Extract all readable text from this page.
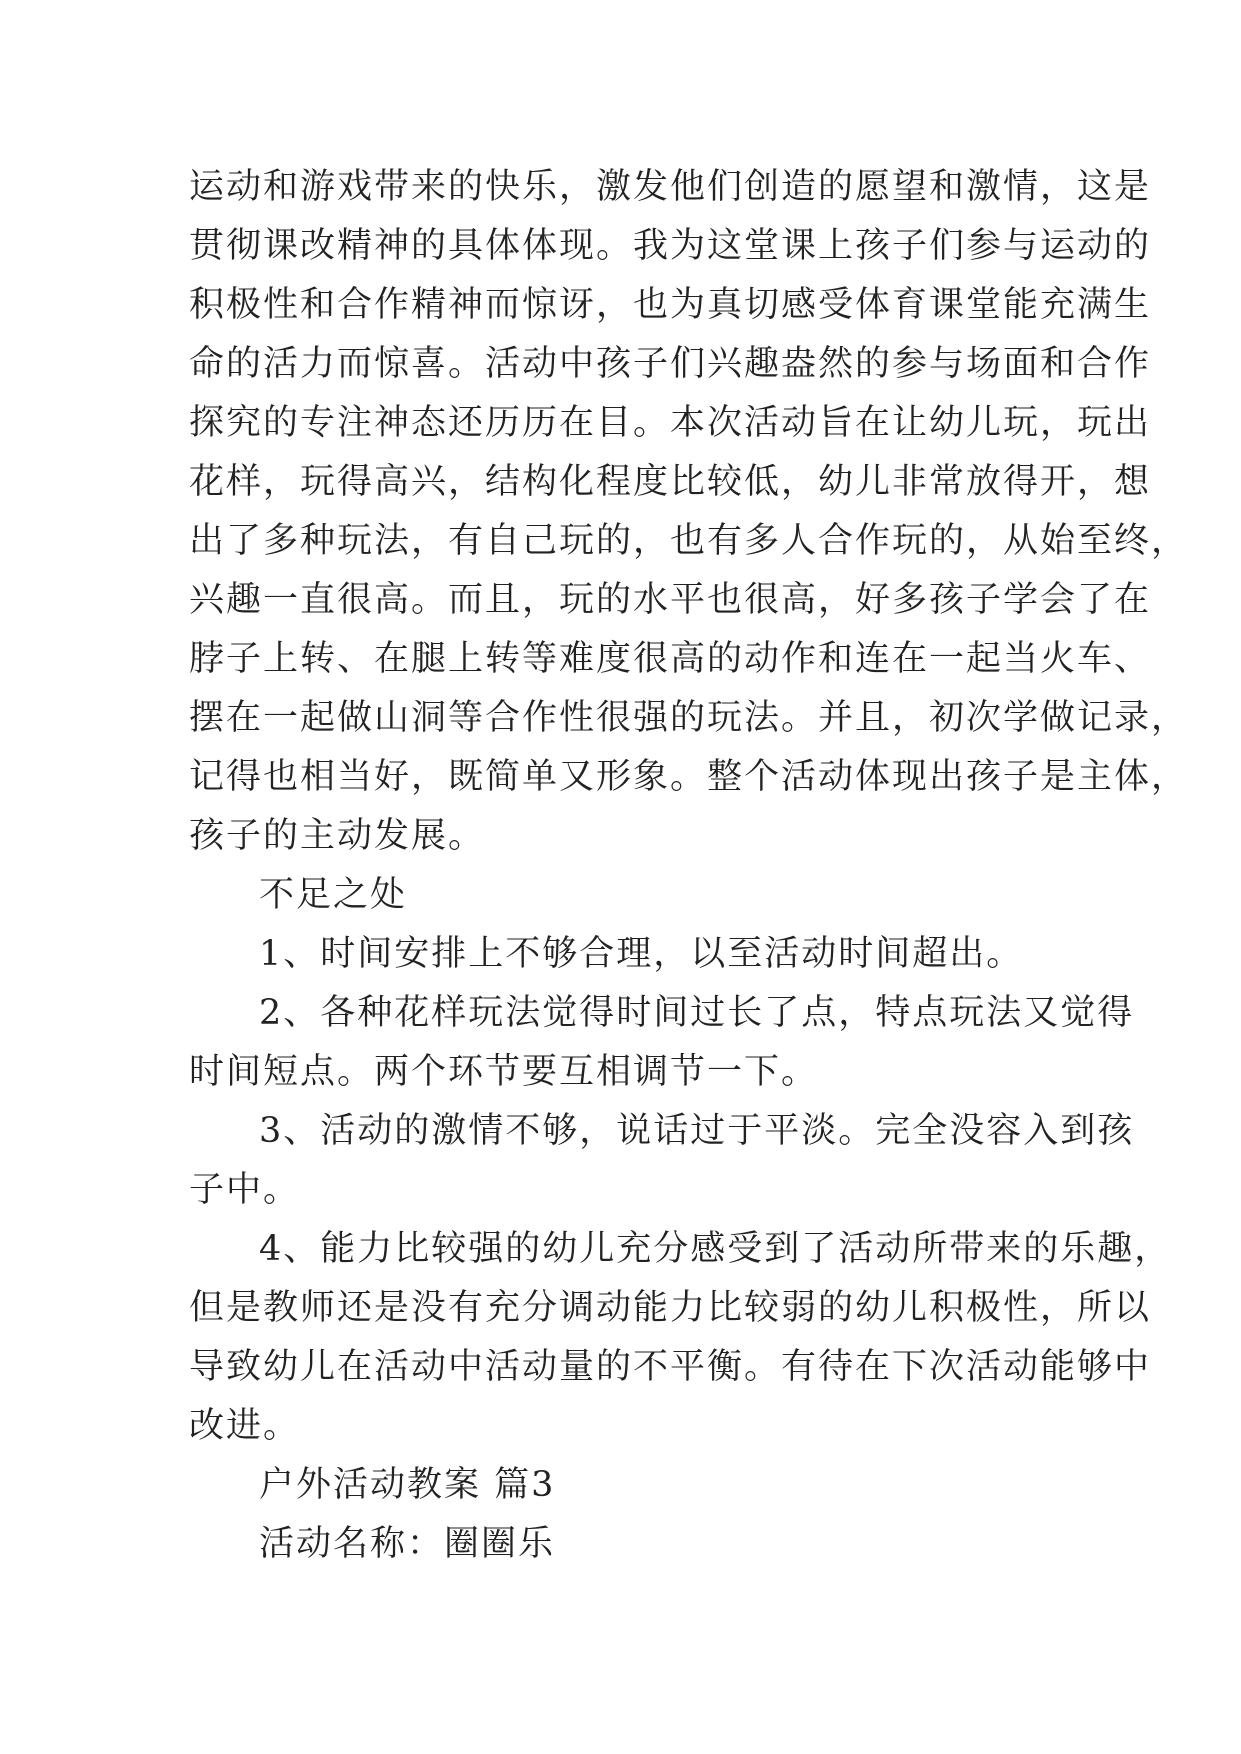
运动和游戏带来的快乐，激发他们创造的愿望和激情，这是
贯彻课改精神的具体体现。我为这堂课上孩子们参与运动的
积极性和合作精神而惊讶，也为真切感受体育课堂能充满生
命的活力而惊喜。活动中孩子们兴趣盎然的参与场面和合作
探究的专注神态还历历在目。本次活动旨在让幼儿玩，玩出
花样，玩得高兴，结构化程度比较低，幼儿非常放得开，想
出了多种玩法，有自己玩的，也有多人合作玩的，从始至终，
兴趣一直很高。而且，玩的水平也很高，好多孩子学会了在
脖子上转、在腿上转等难度很高的动作和连在一起当火车、
摆在一起做山洞等合作性很强的玩法。并且，初次学做记录，
记得也相当好，既简单又形象。整个活动体现出孩子是主体，
孩子的主动发展。
不足之处
1、时间安排上不够合理，以至活动时间超出。
2、各种花样玩法觉得时间过长了点，特点玩法又觉得
时间短点。两个环节要互相调节一下。
3、活动的激情不够，说话过于平淡。完全没容入到孩
子中。
4、能力比较强的幼儿充分感受到了活动所带来的乐趣，
但是教师还是没有充分调动能力比较弱的幼儿积极性，所以
导致幼儿在活动中活动量的不平衡。有待在下次活动能够中
改进。
户外活动教案 篇3
活动名称：圈圈乐
